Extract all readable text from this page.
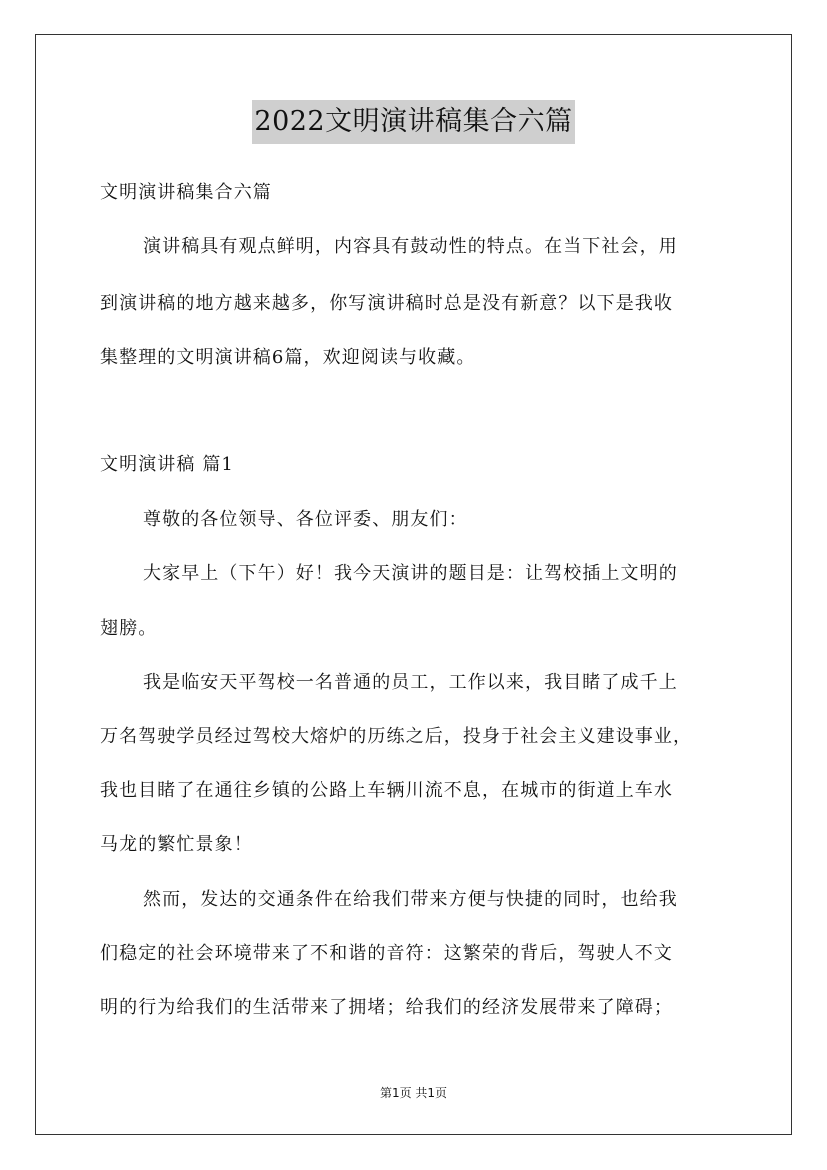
2022文明演讲稿集合六篇
文明演讲稿集合六篇
演讲稿具有观点鲜明，内容具有鼓动性的特点。在当下社会，用
到演讲稿的地方越来越多，你写演讲稿时总是没有新意？以下是我收
集整理的文明演讲稿6篇，欢迎阅读与收藏。
文明演讲稿 篇1
尊敬的各位领导、各位评委、朋友们：
大家早上（下午）好！我今天演讲的题目是：让驾校插上文明的
翅膀。
我是临安天平驾校一名普通的员工，工作以来，我目睹了成千上
万名驾驶学员经过驾校大熔炉的历练之后，投身于社会主义建设事业，
我也目睹了在通往乡镇的公路上车辆川流不息，在城市的街道上车水
马龙的繁忙景象！
然而，发达的交通条件在给我们带来方便与快捷的同时，也给我
们稳定的社会环境带来了不和谐的音符：这繁荣的背后，驾驶人不文
明的行为给我们的生活带来了拥堵；给我们的经济发展带来了障碍；
第1页 共1页
